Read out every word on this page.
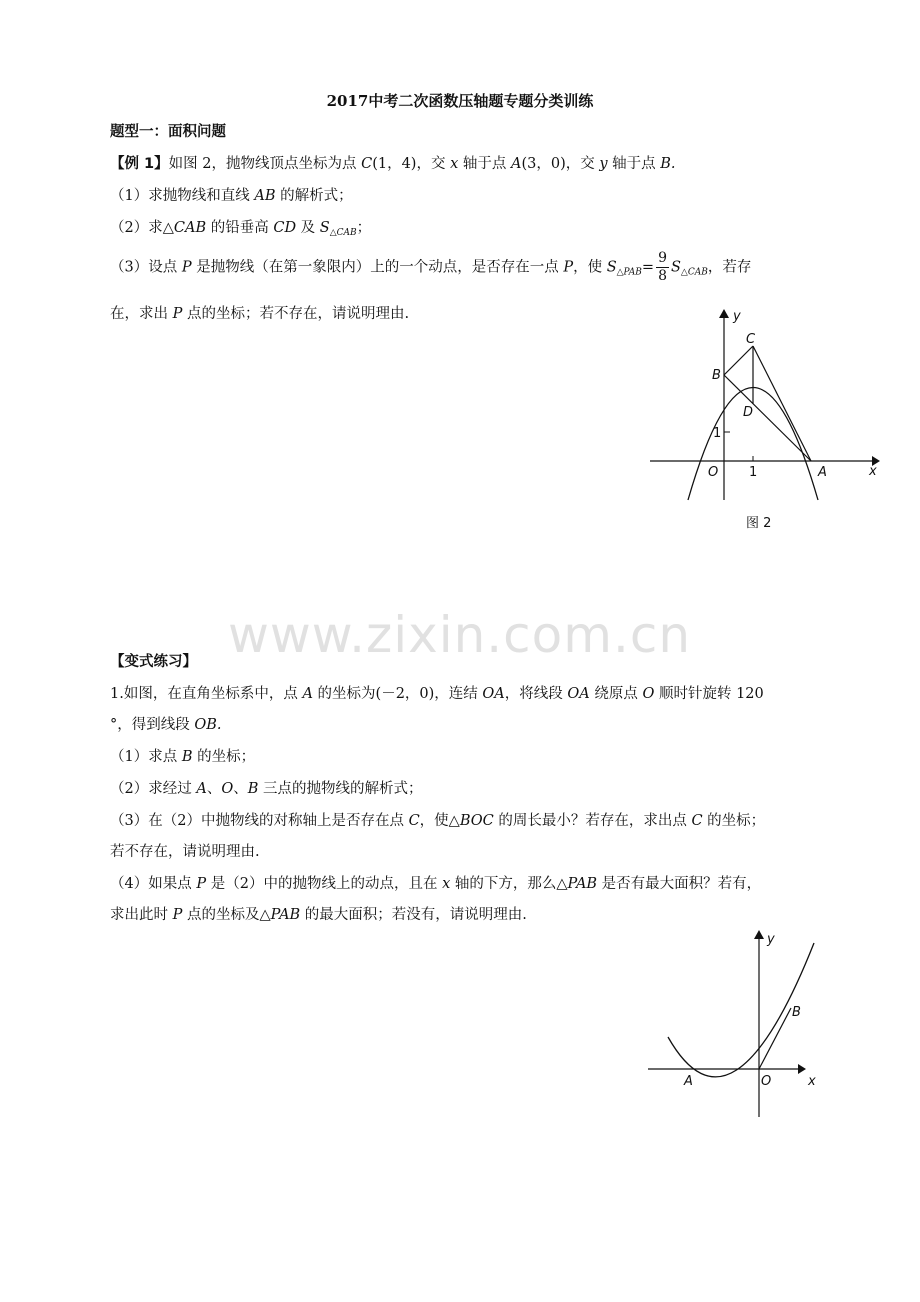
2017中考二次函数压轴题专题分类训练
题型一：面积问题
【例 1】如图 2，抛物线顶点坐标为点 C(1，4)，交 x 轴于点 A(3，0)，交 y 轴于点 B.
（1）求抛物线和直线 AB 的解析式；
（2）求△CAB 的铅垂高 CD 及 $S_{\triangle CAB}$；
（3）设点 P 是抛物线（在第一象限内）上的一个动点，是否存在一点 P，使 $S_{\triangle PAB}= \frac{9}{8} S_{\triangle CAB}$，若存
在，求出 P 点的坐标；若不存在，请说明理由.	y
x
C
B
D
O	A
1
1
图 2
www.zixin.com.cn
【变式练习】
1.如图，在直角坐标系中，点 A 的坐标为(－2，0)，连结 OA，将线段 OA 绕原点 O 顺时针旋转 120
°，得到线段 OB.
（1）求点 B 的坐标；
（2）求经过 A、O、B 三点的抛物线的解析式；
（3）在（2）中抛物线的对称轴上是否存在点 C，使△BOC 的周长最小？若存在，求出点 C 的坐标；
若不存在，请说明理由.
（4）如果点 P 是（2）中的抛物线上的动点，且在 x 轴的下方，那么△PAB 是否有最大面积？若有，
求出此时 P 点的坐标及△PAB 的最大面积；若没有，请说明理由.
y
x
A	O
B
